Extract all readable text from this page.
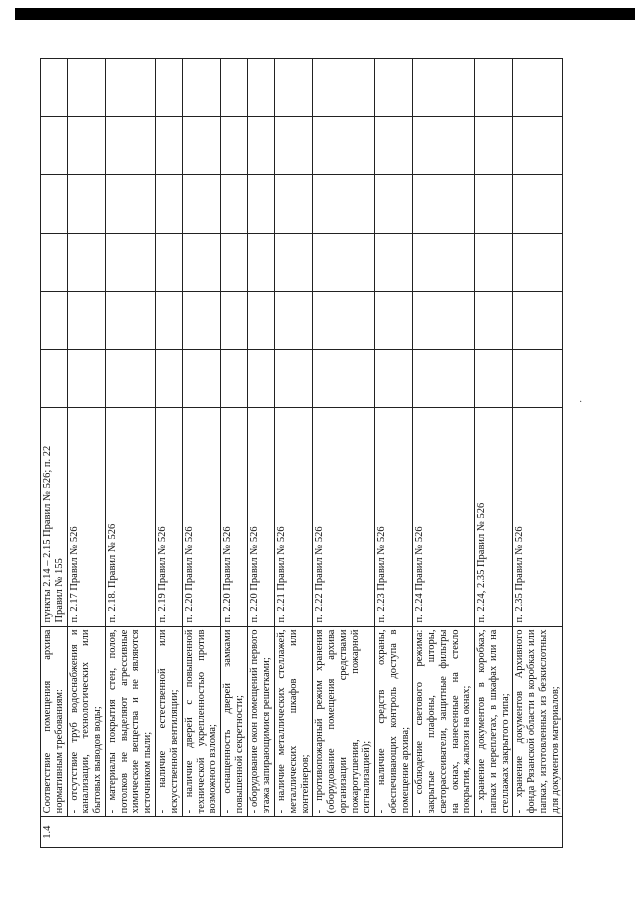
·
1.4	Соответствие помещения архива нормативным требованиям:	пункты 2.14 – 2.15 Правил № 526; п. 22 Правил № 155						
	- отсутствие труб водоснабжения и канализации, технологических или бытовых выводов воды;	п. 2.17 Правил № 526						
	- материалы покрытия стен, полов, потолков не выделяют агрессивные химические вещества и не являются источником пыли;	п. 2.18. Правил № 526						
	- наличие естественной или искусственной вентиляции;	п. 2.19 Правил № 526						
	- наличие дверей с повышенной технической укрепленностью против возможного взлома;	п. 2.20 Правил № 526						
	- оснащенность дверей замками повышенной секретности;	п. 2.20 Правил № 526						
	- оборудование окон помещений первого этажа запирающимися решетками;	п. 2.20 Правил № 526						
	- наличие металлических стеллажей, металлических шкафов или контейнеров;	п. 2.21 Правил № 526						
	- противопожарный режим хранения (оборудование помещения архива организации средствами пожаротушения, пожарной сигнализацией);	п. 2.22 Правил № 526						
	- наличие средств охраны, обеспечивающих контроль доступа в помещение архива;	п. 2.23 Правил № 526						
	- соблюдение светового режима: закрытые плафоны, шторы, светорассеиватели, защитные фильтры на окнах, нанесенные на стекло покрытия, жалюзи на окнах;	п. 2.24 Правил № 526						
	- хранение документов в коробках, папках и переплетах, в шкафах или на стеллажах закрытого типа;	п. 2.24, 2.35 Правил № 526						
	- хранение документов Архивного фонда Рязанской области в коробках или папках, изготовленных из безкислотных для документов материалов;	п. 2.35 Правил № 526						
